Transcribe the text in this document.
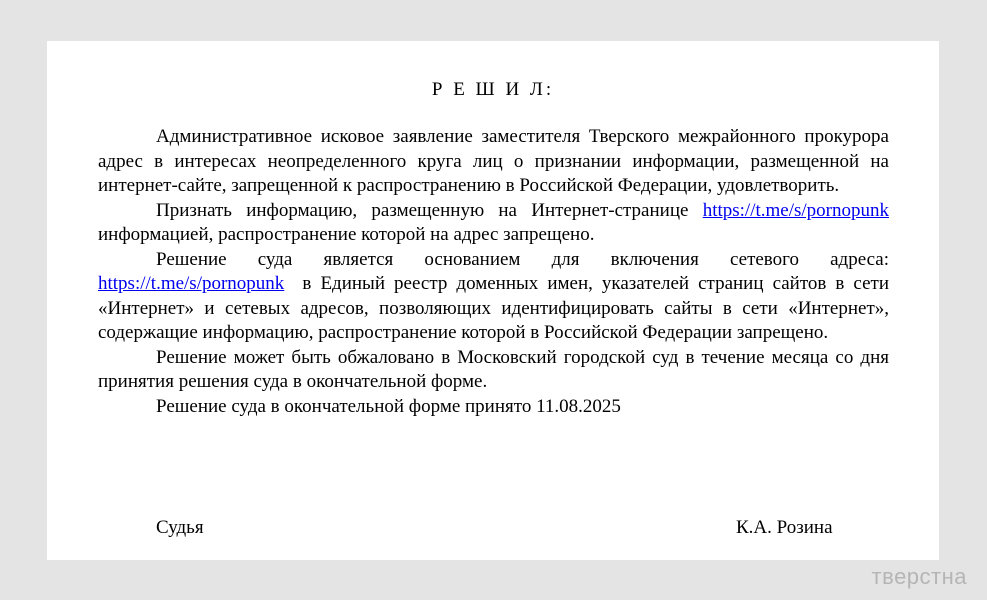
Р Е Ш И Л:

Административное исковое заявление заместителя Тверского межрайонного прокурора адрес в интересах неопределенного круга лиц о признании информации, размещенной на интернет-сайте, запрещенной к распространению в Российской Федерации, удовлетворить.

Признать информацию, размещенную на Интернет-странице https://t.me/s/pornopunk информацией, распространение которой на адрес запрещено.

Решение суда является основанием для включения сетевого адреса: https://t.me/s/pornopunk в Единый реестр доменных имен, указателей страниц сайтов в сети «Интернет» и сетевых адресов, позволяющих идентифицировать сайты в сети «Интернет», содержащие информацию, распространение которой в Российской Федерации запрещено.

Решение может быть обжаловано в Московский городской суд в течение месяца со дня принятия решения суда в окончательной форме.

Решение суда в окончательной форме принято 11.08.2025

Судья	К.А. Розина
тверстна
